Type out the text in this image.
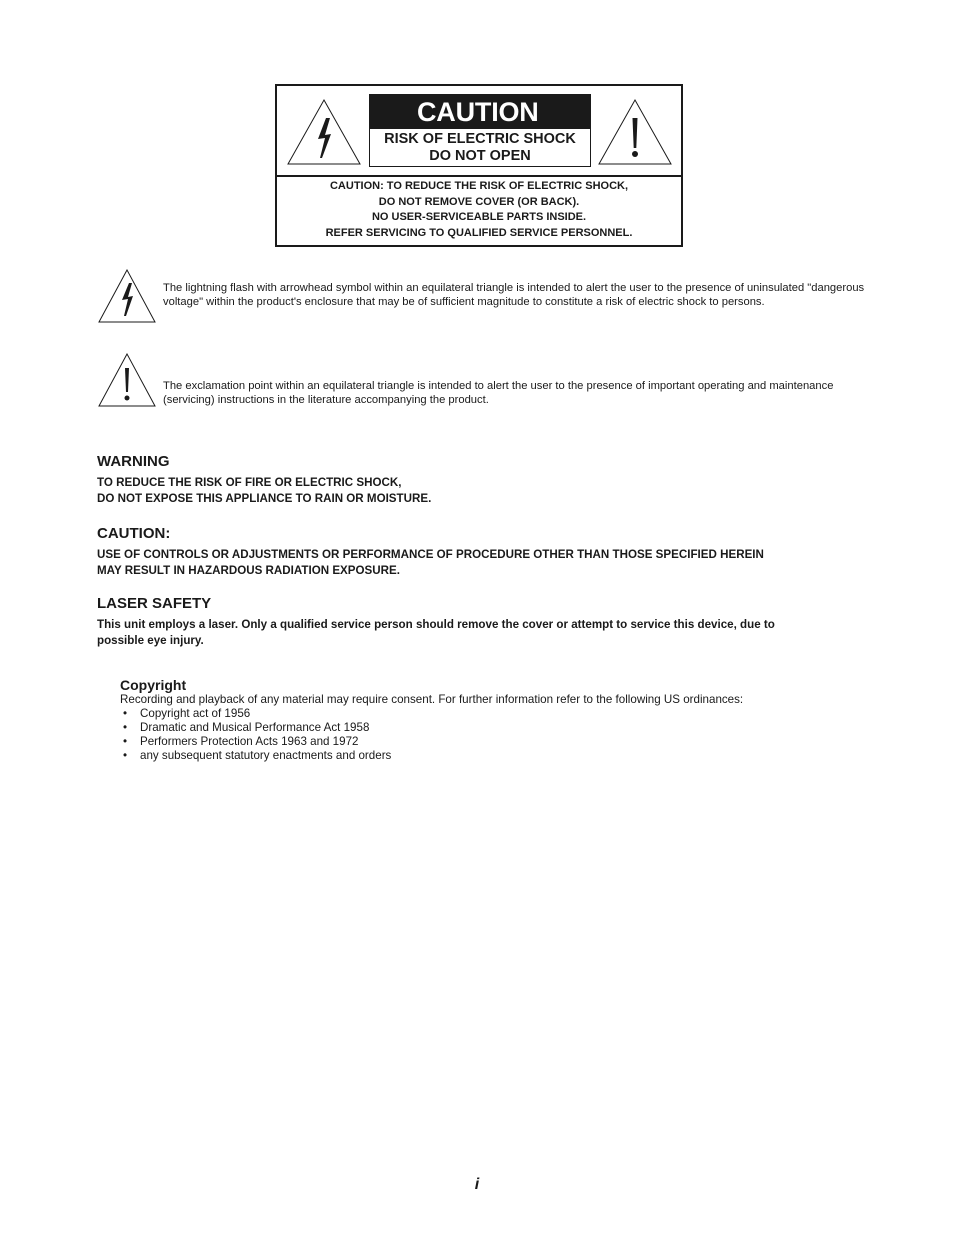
CAUTION
RISK OF ELECTRIC SHOCK
DO NOT OPEN
CAUTION: TO REDUCE THE RISK OF ELECTRIC SHOCK,
DO NOT REMOVE COVER (OR BACK).
NO USER-SERVICEABLE PARTS INSIDE.
REFER SERVICING TO QUALIFIED SERVICE PERSONNEL.
The lightning flash with arrowhead symbol within an equilateral triangle is intended to alert the user to the presence of uninsulated "dangerous voltage" within the product's enclosure that may be of sufficient magnitude to constitute a risk of electric shock to persons.
The exclamation point within an equilateral triangle is intended to alert the user to the presence of important operating and maintenance (servicing) instructions in the literature accompanying the product.
WARNING
TO REDUCE THE RISK OF FIRE OR ELECTRIC SHOCK,
DO NOT EXPOSE THIS APPLIANCE TO RAIN OR MOISTURE.
CAUTION:
USE OF CONTROLS OR ADJUSTMENTS OR PERFORMANCE OF PROCEDURE OTHER THAN THOSE SPECIFIED HEREIN
MAY RESULT IN HAZARDOUS RADIATION EXPOSURE.
LASER SAFETY
This unit employs a laser. Only a qualified service person should remove the cover or attempt to service this device, due to
possible eye injury.
Copyright
Recording and playback of any material may require consent. For further information refer to the following US ordinances:
• Copyright act of 1956
• Dramatic and Musical Performance Act 1958
• Performers Protection Acts 1963 and 1972
• any subsequent statutory enactments and orders
i
